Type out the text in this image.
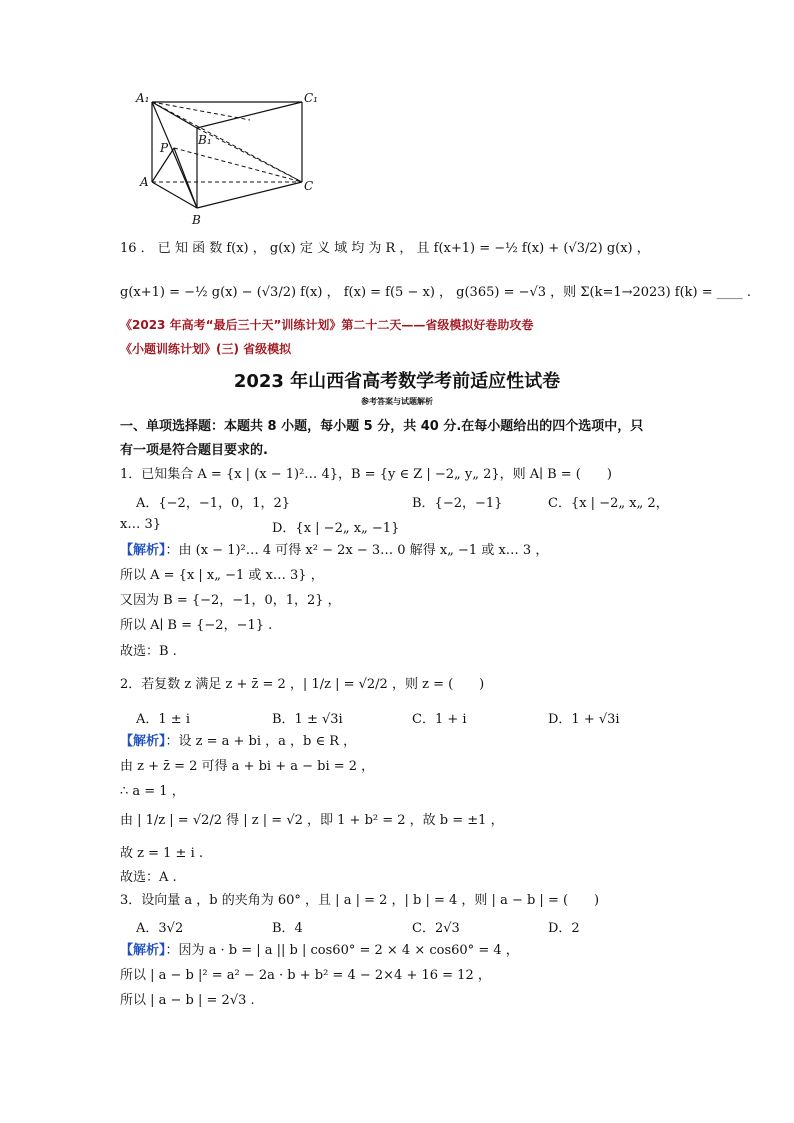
A₁	C₁
B₁
P
A	C
B
16 ． 已 知 函 数 f(x) ， g(x) 定 义 域 均 为 R ， 且 f(x+1) = −½ f(x) + (√3/2) g(x) ，
g(x+1) = −½ g(x) − (√3/2) f(x) ， f(x) = f(5 − x) ， g(365) = −√3 ，则 Σ(k=1→2023) f(k) = ____ .
《2023 年高考“最后三十天”训练计划》第二十二天——省级模拟好卷助攻卷
《小题训练计划》(三) 省级模拟
2023 年山西省高考数学考前适应性试卷
参考答案与试题解析
一、单项选择题：本题共 8 小题，每小题 5 分，共 40 分.在每小题给出的四个选项中，只
有一项是符合题目要求的.
1．已知集合 A = {x | (x − 1)²… 4}，B = {y ∈ Z | −2„ y„ 2}，则 A∣ B = (　　)
A．{−2，−1，0，1，2}	B．{−2，−1}	C．{x | −2„ x„ 2，
x… 3}	D．{x | −2„ x„ −1}
【解析】：由 (x − 1)²… 4 可得 x² − 2x − 3… 0 解得 x„ −1 或 x… 3 ，
所以 A = {x | x„ −1 或 x… 3} ，
又因为 B = {−2，−1，0，1，2} ，
所以 A∣ B = {−2，−1} .
故选：B .
2．若复数 z 满足 z + z̄ = 2 ，| 1/z | = √2/2 ，则 z = (　　)
A．1 ± i	B．1 ± √3i	C．1 + i	D．1 + √3i
【解析】：设 z = a + bi ，a ，b ∈ R ，
由 z + z̄ = 2 可得 a + bi + a − bi = 2 ，
∴ a = 1 ，
由 | 1/z | = √2/2 得 | z | = √2 ，即 1 + b² = 2 ，故 b = ±1 ，
故 z = 1 ± i .
故选：A .
3．设向量 a ，b 的夹角为 60° ，且 | a | = 2 ，| b | = 4 ，则 | a − b | = (　　)
A．3√2	B．4	C．2√3	D．2
【解析】：因为 a · b = | a || b | cos60° = 2 × 4 × cos60° = 4 ，
所以 | a − b |² = a² − 2a · b + b² = 4 − 2×4 + 16 = 12 ，
所以 | a − b | = 2√3 .
